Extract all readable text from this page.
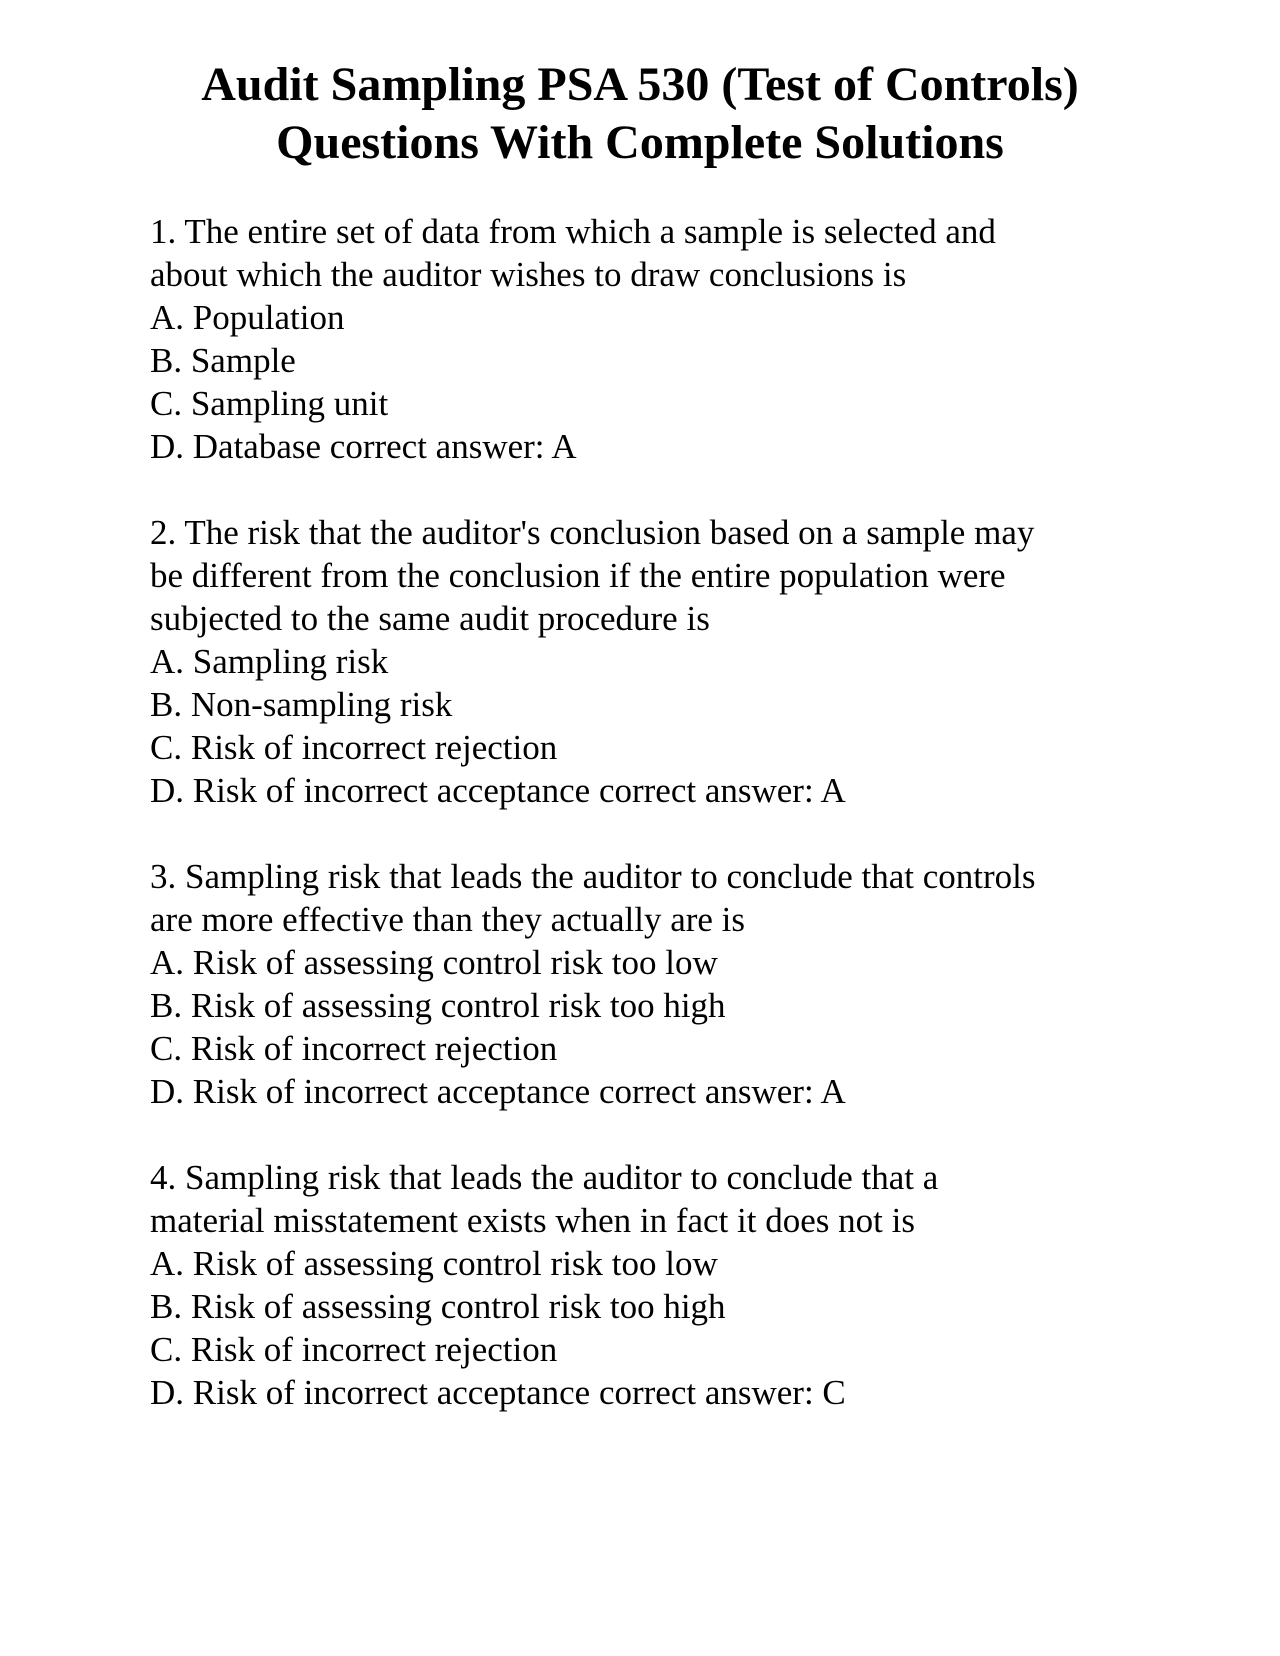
Audit Sampling PSA 530 (Test of Controls)
Questions With Complete Solutions
1. The entire set of data from which a sample is selected and
about which the auditor wishes to draw conclusions is
A. Population
B. Sample
C. Sampling unit
D. Database correct answer: A
2. The risk that the auditor's conclusion based on a sample may
be different from the conclusion if the entire population were
subjected to the same audit procedure is
A. Sampling risk
B. Non-sampling risk
C. Risk of incorrect rejection
D. Risk of incorrect acceptance correct answer: A
3. Sampling risk that leads the auditor to conclude that controls
are more effective than they actually are is
A. Risk of assessing control risk too low
B. Risk of assessing control risk too high
C. Risk of incorrect rejection
D. Risk of incorrect acceptance correct answer: A
4. Sampling risk that leads the auditor to conclude that a
material misstatement exists when in fact it does not is
A. Risk of assessing control risk too low
B. Risk of assessing control risk too high
C. Risk of incorrect rejection
D. Risk of incorrect acceptance correct answer: C
